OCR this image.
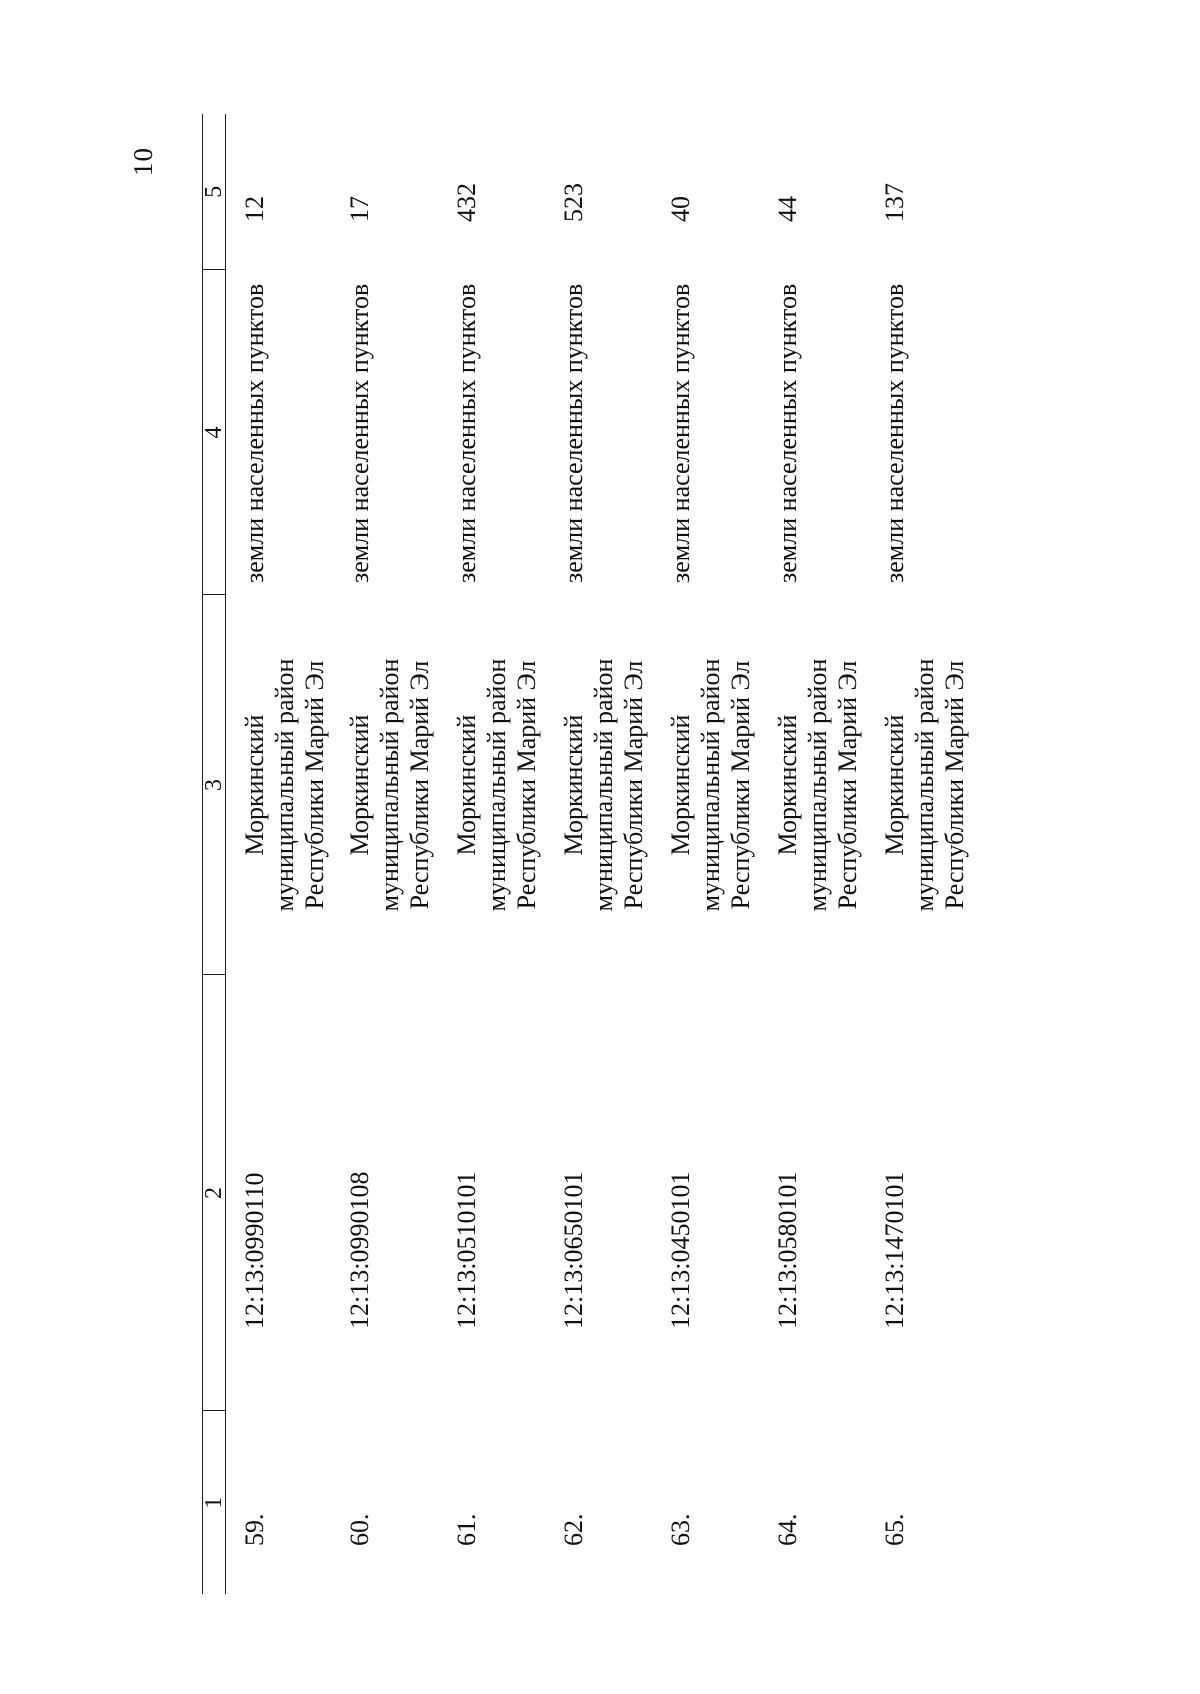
10
1	2	3	4	5
59.	12:13:0990110	Моркинский муниципальный район Республики Марий Эл	земли населенных пунктов	12
60.	12:13:0990108	Моркинский муниципальный район Республики Марий Эл	земли населенных пунктов	17
61.	12:13:0510101	Моркинский муниципальный район Республики Марий Эл	земли населенных пунктов	432
62.	12:13:0650101	Моркинский муниципальный район Республики Марий Эл	земли населенных пунктов	523
63.	12:13:0450101	Моркинский муниципальный район Республики Марий Эл	земли населенных пунктов	40
64.	12:13:0580101	Моркинский муниципальный район Республики Марий Эл	земли населенных пунктов	44
65.	12:13:1470101	Моркинский муниципальный район Республики Марий Эл	земли населенных пунктов	137
